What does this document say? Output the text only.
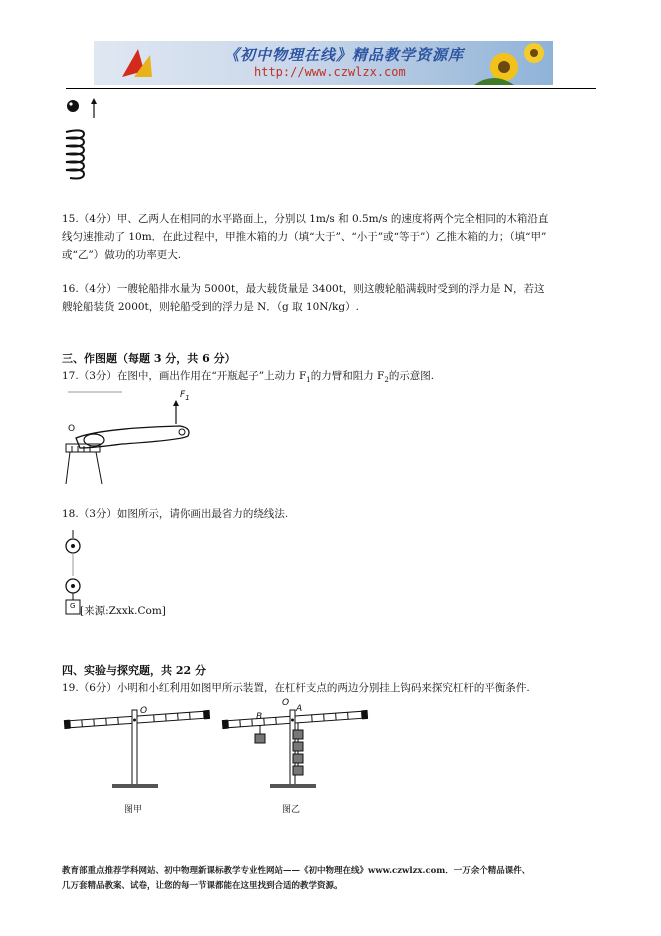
《初中物理在线》精品教学资源库
http://www.czwlzx.com
15.（4分）甲、乙两人在相同的水平路面上，分别以 1m/s 和 0.5m/s 的速度将两个完全相同的木箱沿直
线匀速推动了 10m．在此过程中，甲推木箱的力（填“大于”、“小于”或“等于”）乙推木箱的力；（填“甲”
或“乙”）做功的功率更大.
16.（4分）一艘轮船排水量为 5000t，最大载货量是 3400t，则这艘轮船满载时受到的浮力是 N，若这
艘轮船装货 2000t，则轮船受到的浮力是 N．（g 取 10N/kg）.
三、作图题（每题 3 分，共 6 分）
17.（3分）在图中，画出作用在“开瓶起子”上动力 $F_1$的力臂和阻力 $F_2$的示意图.
$F_1$
O
18.（3分）如图所示，请你画出最省力的绕线法.
G [来源:Zxxk.Com]
四、实验与探究题，共 22 分
19.（6分）小明和小红利用如图甲所示装置，在杠杆支点的两边分别挂上钩码来探究杠杆的平衡条件.
O
图甲
O
A
B
图乙
教育部重点推荐学科网站、初中物理新课标教学专业性网站——《初中物理在线》www.czwlzx.com．一万余个精品课件、
几万套精品教案、试卷，让您的每一节课都能在这里找到合适的教学资源。
